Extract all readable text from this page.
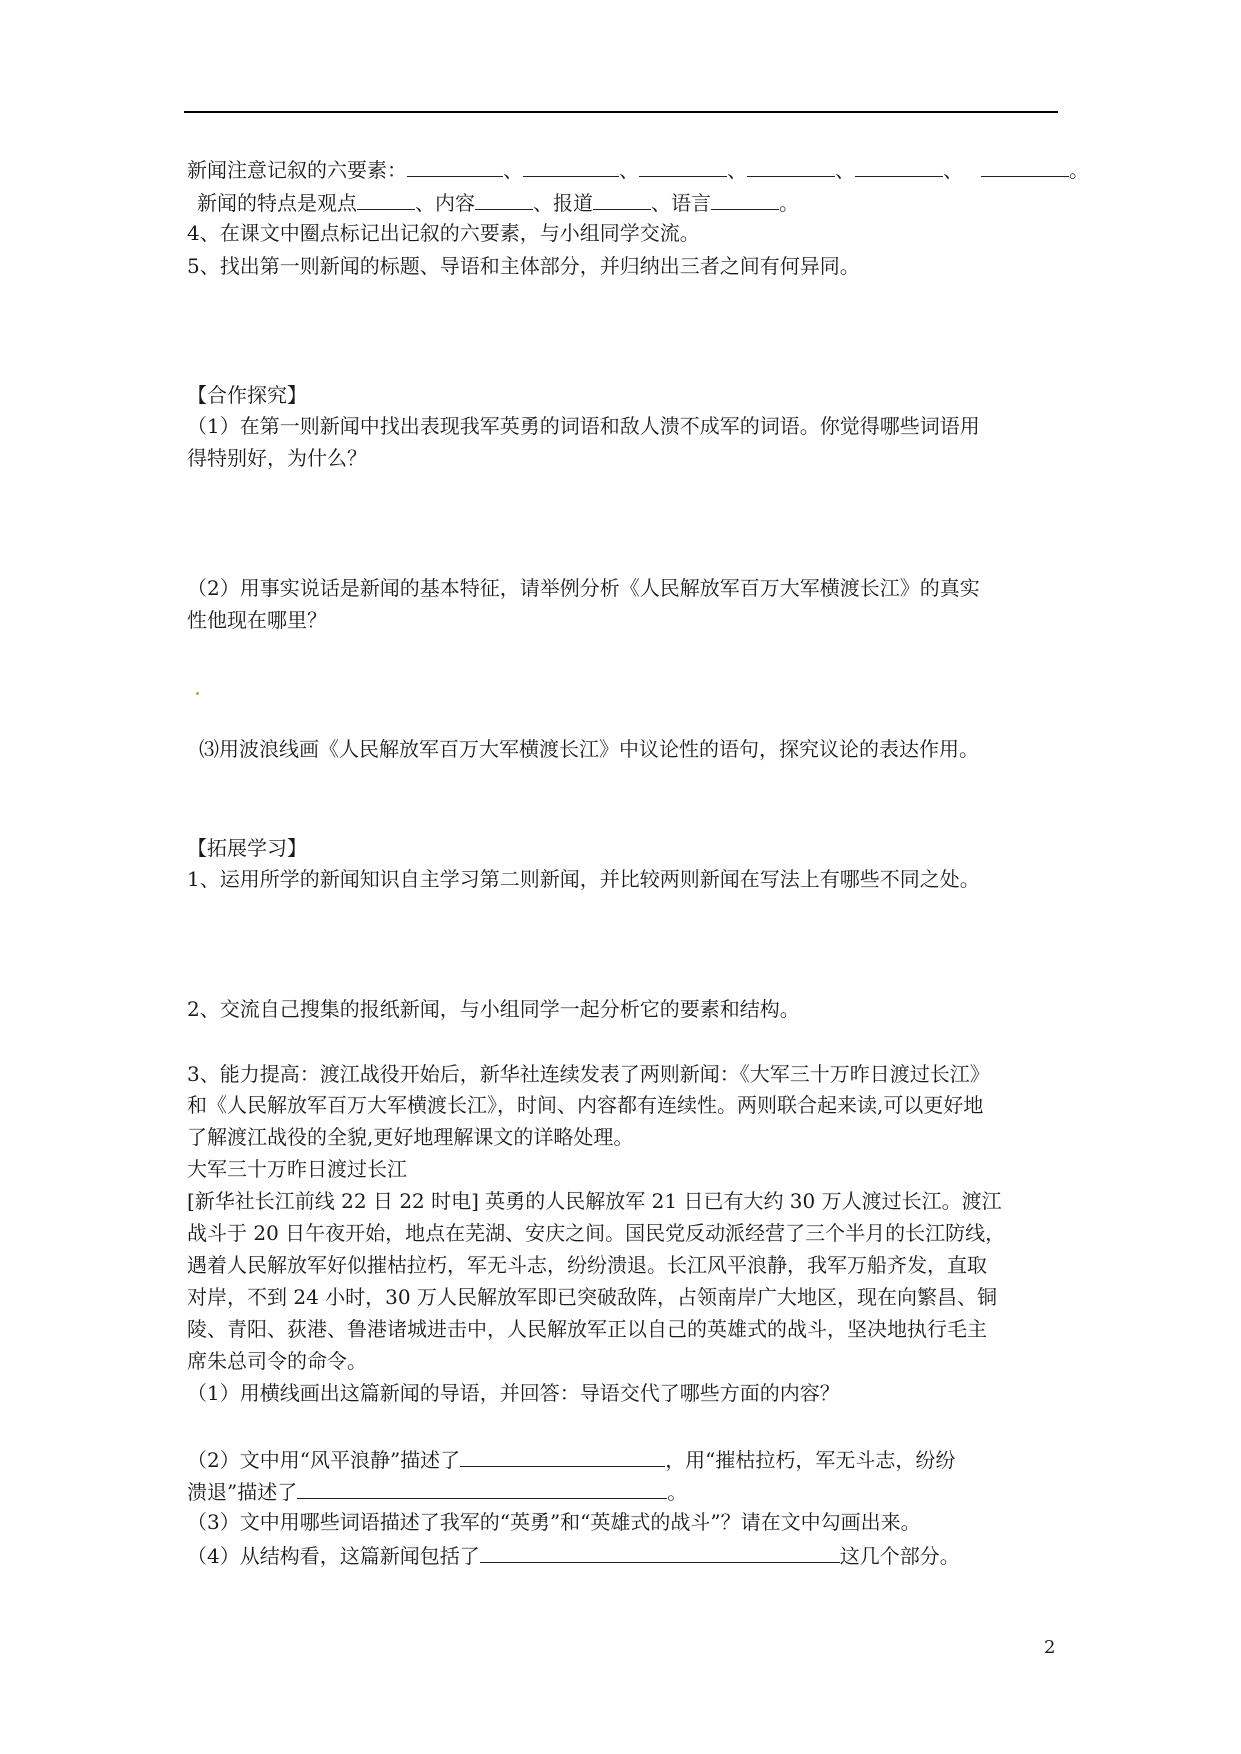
新闻注意记叙的六要素：	、	、	、	、	、	。
新闻的特点是观点	、内容	、报道	、语言	。
4、在课文中圈点标记出记叙的六要素，与小组同学交流。
5、找出第一则新闻的标题、导语和主体部分，并归纳出三者之间有何异同。
【合作探究】
（1）在第一则新闻中找出表现我军英勇的词语和敌人溃不成军的词语。你觉得哪些词语用
得特别好，为什么？
（2）用事实说话是新闻的基本特征，请举例分析《人民解放军百万大军横渡长江》的真实
性他现在哪里？
⑶用波浪线画《人民解放军百万大军横渡长江》中议论性的语句，探究议论的表达作用。
【拓展学习】
1、运用所学的新闻知识自主学习第二则新闻，并比较两则新闻在写法上有哪些不同之处。
2、交流自己搜集的报纸新闻，与小组同学一起分析它的要素和结构。
3、能力提高：渡江战役开始后，新华社连续发表了两则新闻：《大军三十万昨日渡过长江》
和《人民解放军百万大军横渡长江》，时间、内容都有连续性。两则联合起来读,可以更好地
了解渡江战役的全貌,更好地理解课文的详略处理。
大军三十万昨日渡过长江
[新华社长江前线 22 日 22 时电] 英勇的人民解放军 21 日已有大约 30 万人渡过长江。渡江
战斗于 20 日午夜开始，地点在芜湖、安庆之间。国民党反动派经营了三个半月的长江防线，
遇着人民解放军好似摧枯拉朽，军无斗志，纷纷溃退。长江风平浪静，我军万船齐发，直取
对岸，不到 24 小时，30 万人民解放军即已突破敌阵，占领南岸广大地区，现在向繁昌、铜
陵、青阳、荻港、鲁港诸城进击中，人民解放军正以自己的英雄式的战斗，坚决地执行毛主
席朱总司令的命令。
（1）用横线画出这篇新闻的导语，并回答：导语交代了哪些方面的内容？
（2）文中用“风平浪静”描述了	，用“摧枯拉朽，军无斗志，纷纷
溃退”描述了	。
（3）文中用哪些词语描述了我军的“英勇”和“英雄式的战斗”？请在文中勾画出来。
（4）从结构看，这篇新闻包括了	这几个部分。
2
